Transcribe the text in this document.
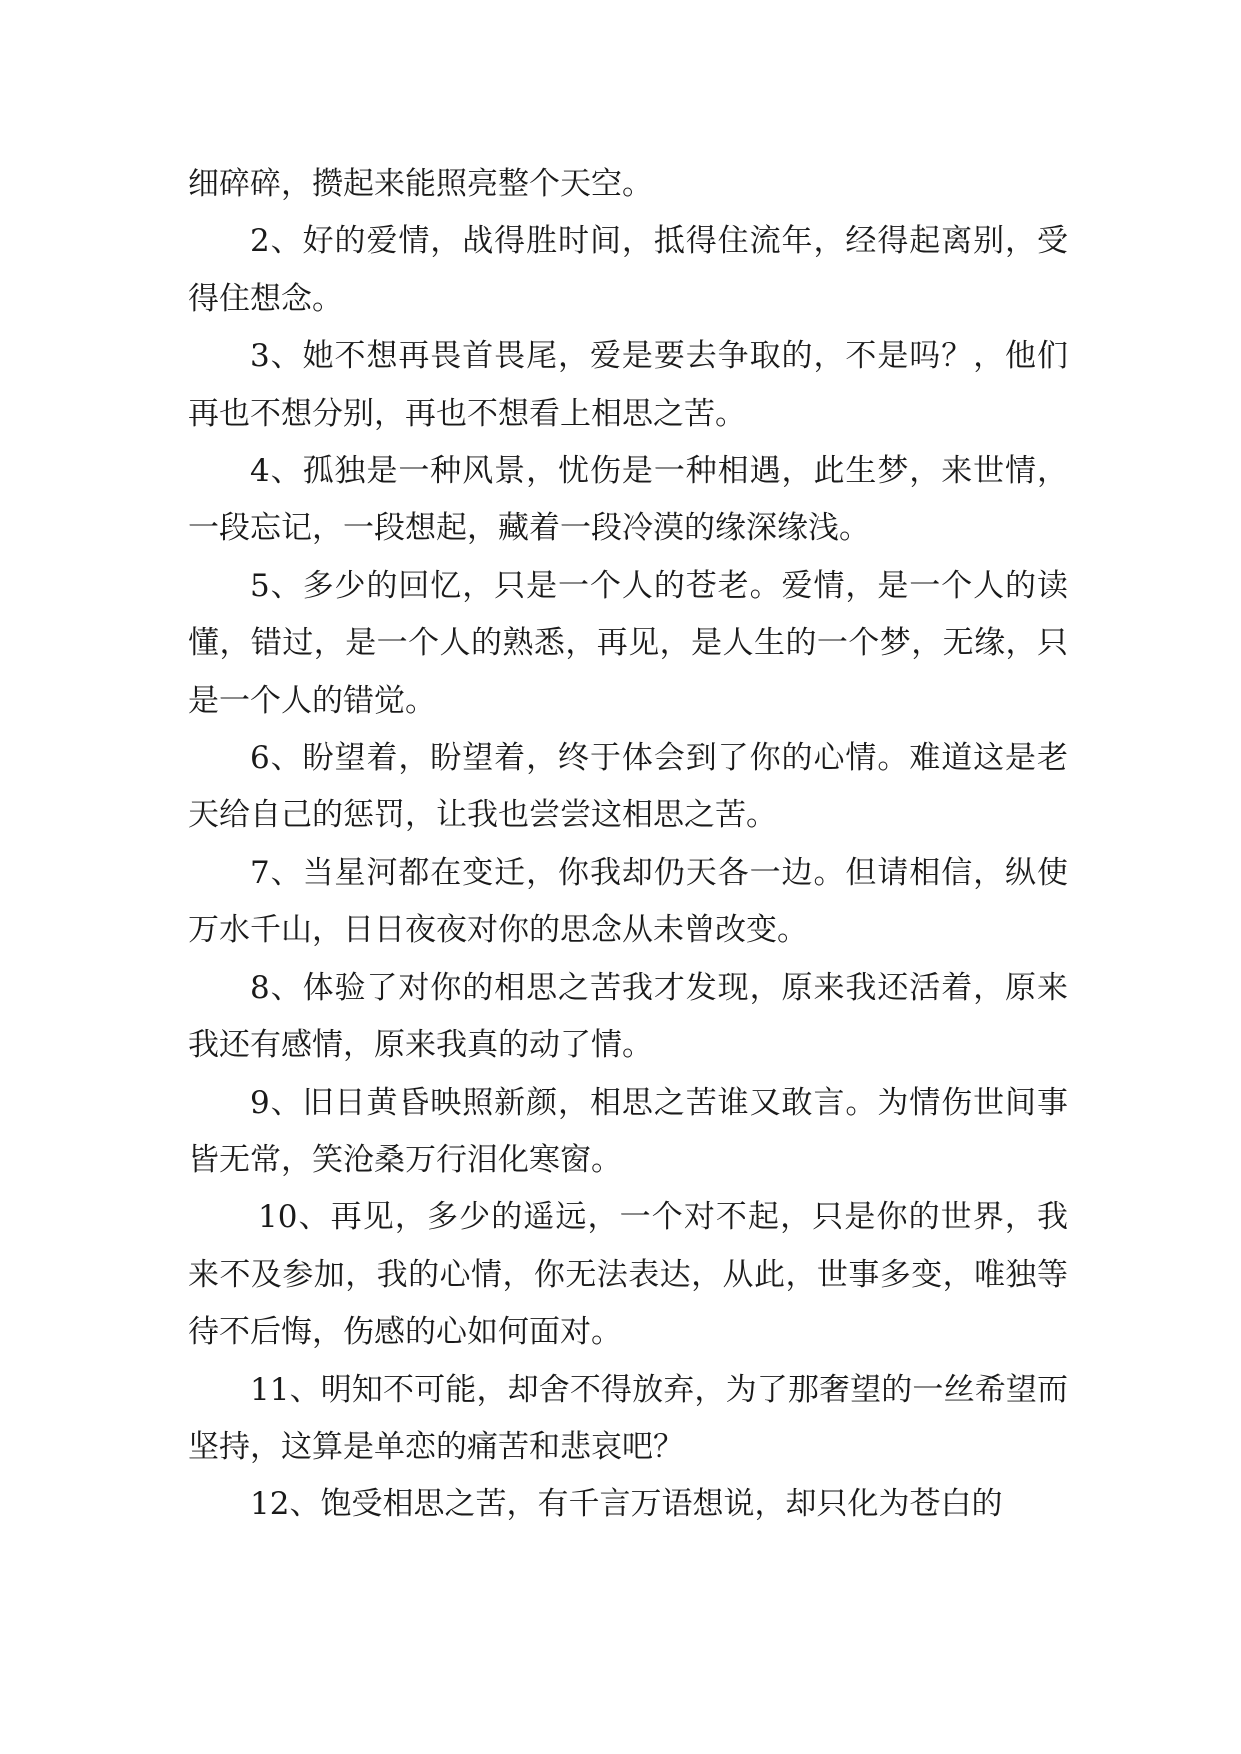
细碎碎，攒起来能照亮整个天空。

2、好的爱情，战得胜时间，抵得住流年，经得起离别，受得住想念。

3、她不想再畏首畏尾，爱是要去争取的，不是吗？，他们再也不想分别，再也不想看上相思之苦。

4、孤独是一种风景，忧伤是一种相遇，此生梦，来世情，一段忘记，一段想起，藏着一段冷漠的缘深缘浅。

5、多少的回忆，只是一个人的苍老。爱情，是一个人的读懂，错过，是一个人的熟悉，再见，是人生的一个梦，无缘，只是一个人的错觉。

6、盼望着，盼望着，终于体会到了你的心情。难道这是老天给自己的惩罚，让我也尝尝这相思之苦。

7、当星河都在变迁，你我却仍天各一边。但请相信，纵使万水千山，日日夜夜对你的思念从未曾改变。

8、体验了对你的相思之苦我才发现，原来我还活着，原来我还有感情，原来我真的动了情。

9、旧日黄昏映照新颜，相思之苦谁又敢言。为情伤世间事皆无常，笑沧桑万行泪化寒窗。

10、再见，多少的遥远，一个对不起，只是你的世界，我来不及参加，我的心情，你无法表达，从此，世事多变，唯独等待不后悔，伤感的心如何面对。

11、明知不可能，却舍不得放弃，为了那奢望的一丝希望而坚持，这算是单恋的痛苦和悲哀吧？

12、饱受相思之苦，有千言万语想说，却只化为苍白的
